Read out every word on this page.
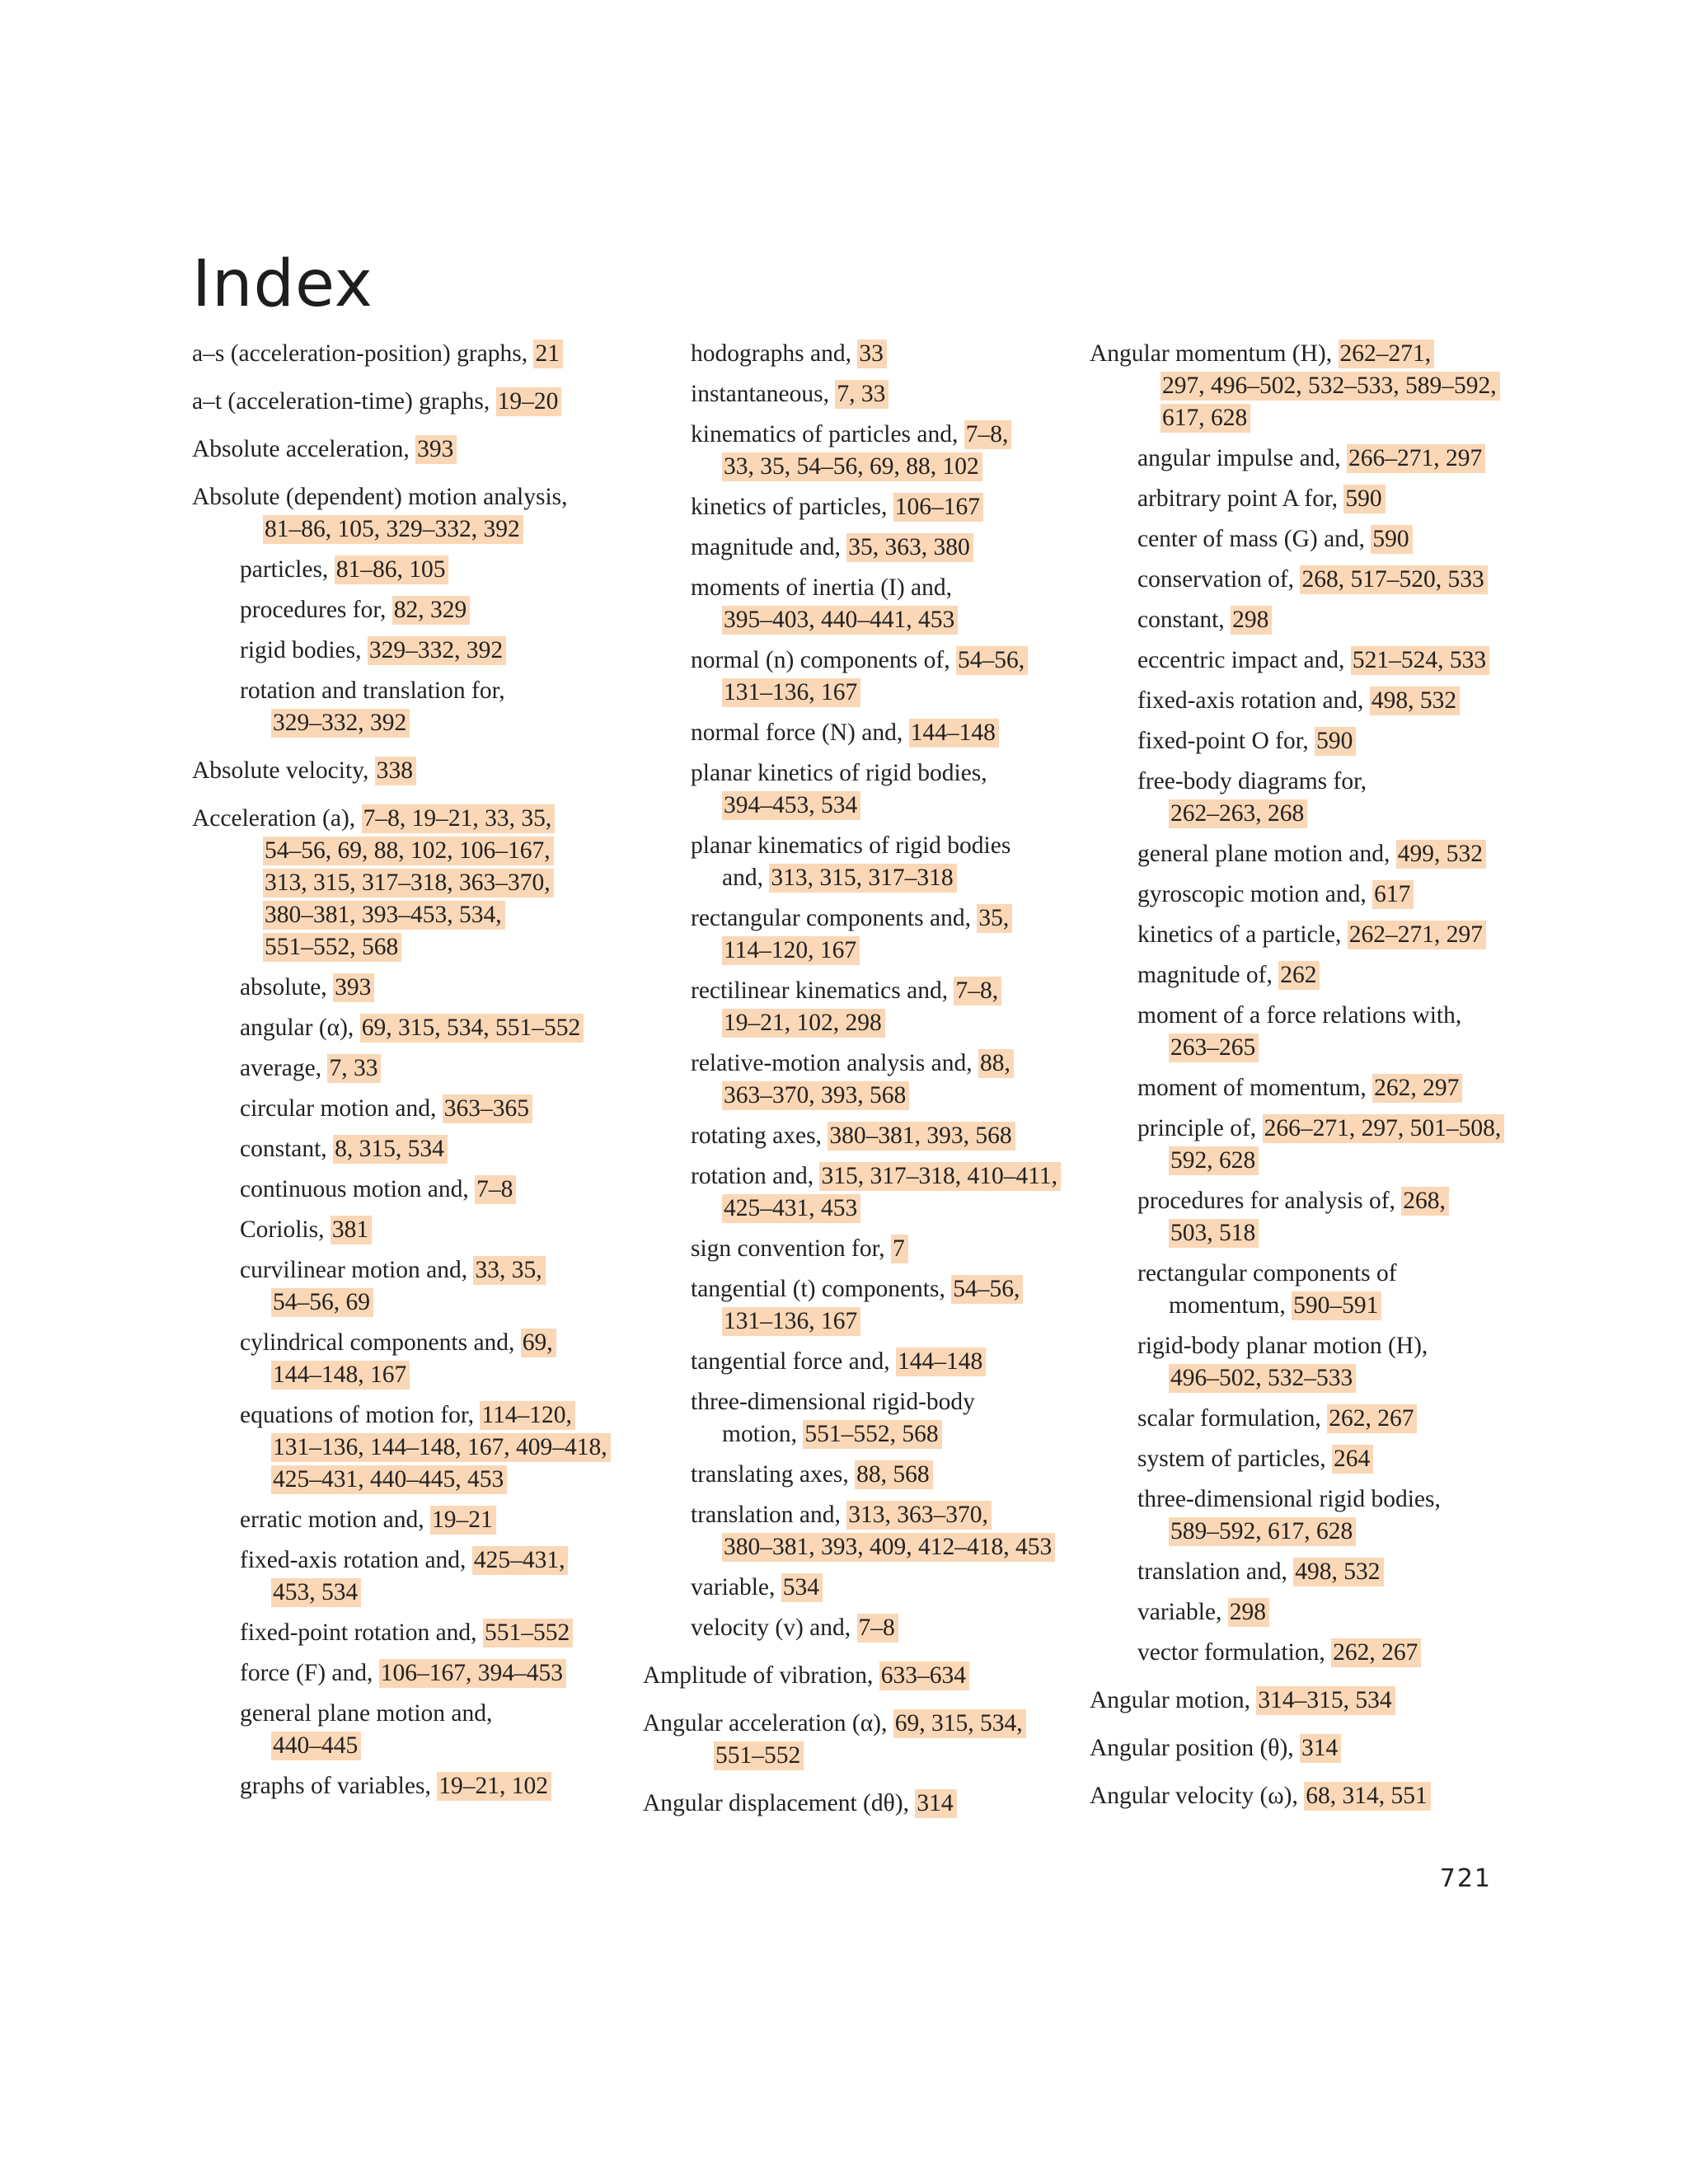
Index
a–s (acceleration-position) graphs, 21
a–t (acceleration-time) graphs, 19–20
Absolute acceleration, 393
Absolute (dependent) motion analysis,
81–86, 105, 329–332, 392
particles, 81–86, 105
procedures for, 82, 329
rigid bodies, 329–332, 392
rotation and translation for,
329–332, 392
Absolute velocity, 338
Acceleration (a), 7–8, 19–21, 33, 35,
54–56, 69, 88, 102, 106–167,
313, 315, 317–318, 363–370,
380–381, 393–453, 534,
551–552, 568
absolute, 393
angular (α), 69, 315, 534, 551–552
average, 7, 33
circular motion and, 363–365
constant, 8, 315, 534
continuous motion and, 7–8
Coriolis, 381
curvilinear motion and, 33, 35,
54–56, 69
cylindrical components and, 69,
144–148, 167
equations of motion for, 114–120,
131–136, 144–148, 167, 409–418,
425–431, 440–445, 453
erratic motion and, 19–21
fixed-axis rotation and, 425–431,
453, 534
fixed-point rotation and, 551–552
force (F) and, 106–167, 394–453
general plane motion and,
440–445
graphs of variables, 19–21, 102
hodographs and, 33
instantaneous, 7, 33
kinematics of particles and, 7–8,
33, 35, 54–56, 69, 88, 102
kinetics of particles, 106–167
magnitude and, 35, 363, 380
moments of inertia (I) and,
395–403, 440–441, 453
normal (n) components of, 54–56,
131–136, 167
normal force (N) and, 144–148
planar kinetics of rigid bodies,
394–453, 534
planar kinematics of rigid bodies
and, 313, 315, 317–318
rectangular components and, 35,
114–120, 167
rectilinear kinematics and, 7–8,
19–21, 102, 298
relative-motion analysis and, 88,
363–370, 393, 568
rotating axes, 380–381, 393, 568
rotation and, 315, 317–318, 410–411,
425–431, 453
sign convention for, 7
tangential (t) components, 54–56,
131–136, 167
tangential force and, 144–148
three-dimensional rigid-body
motion, 551–552, 568
translating axes, 88, 568
translation and, 313, 363–370,
380–381, 393, 409, 412–418, 453
variable, 534
velocity (v) and, 7–8
Amplitude of vibration, 633–634
Angular acceleration (α), 69, 315, 534,
551–552
Angular displacement (dθ), 314
Angular momentum (H), 262–271,
297, 496–502, 532–533, 589–592,
617, 628
angular impulse and, 266–271, 297
arbitrary point A for, 590
center of mass (G) and, 590
conservation of, 268, 517–520, 533
constant, 298
eccentric impact and, 521–524, 533
fixed-axis rotation and, 498, 532
fixed-point O for, 590
free-body diagrams for,
262–263, 268
general plane motion and, 499, 532
gyroscopic motion and, 617
kinetics of a particle, 262–271, 297
magnitude of, 262
moment of a force relations with,
263–265
moment of momentum, 262, 297
principle of, 266–271, 297, 501–508,
592, 628
procedures for analysis of, 268,
503, 518
rectangular components of
momentum, 590–591
rigid-body planar motion (H),
496–502, 532–533
scalar formulation, 262, 267
system of particles, 264
three-dimensional rigid bodies,
589–592, 617, 628
translation and, 498, 532
variable, 298
vector formulation, 262, 267
Angular motion, 314–315, 534
Angular position (θ), 314
Angular velocity (ω), 68, 314, 551
721
